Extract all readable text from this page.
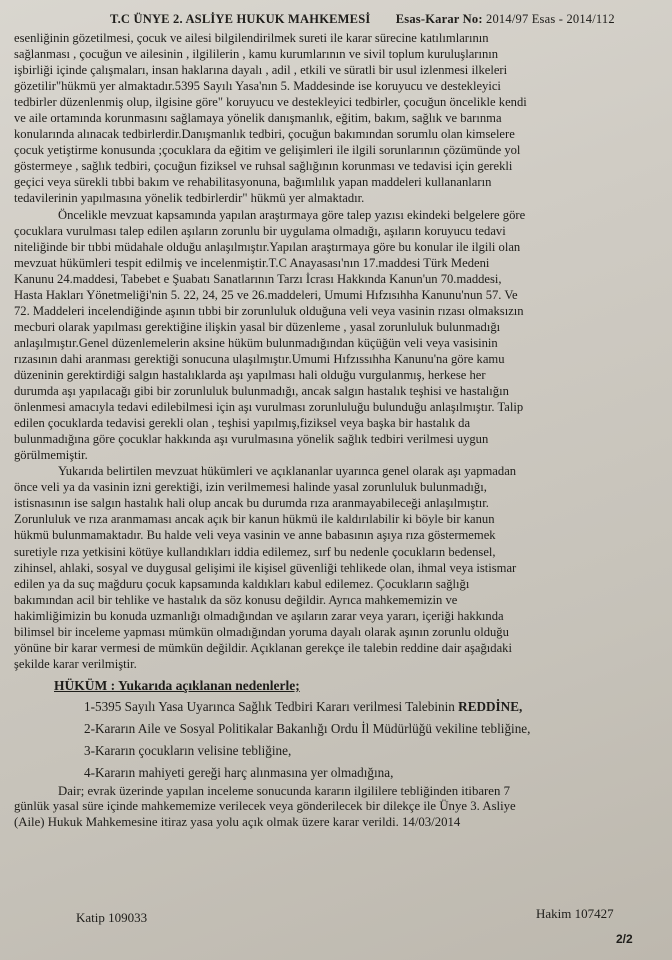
T.C ÜNYE 2. ASLİYE HUKUK MAHKEMESİ Esas-Karar No: 2014/97 Esas - 2014/112
esenliğinin gözetilmesi, çocuk ve ailesi bilgilendirilmek sureti ile karar sürecine katılımlarının
sağlanması , çocuğun ve ailesinin , ilgililerin , kamu kurumlarının ve sivil toplum kuruluşlarının
işbirliği içinde çalışmaları, insan haklarına dayalı , adil , etkili ve süratli bir usul izlenmesi ilkeleri
gözetilir"hükmü yer almaktadır.5395 Sayılı Yasa'nın 5. Maddesinde ise koruyucu ve destekleyici
tedbirler düzenlenmiş olup, ilgisine göre" koruyucu ve destekleyici tedbirler, çocuğun öncelikle kendi
ve aile ortamında korunmasını sağlamaya yönelik danışmanlık, eğitim, bakım, sağlık ve barınma
konularında alınacak tedbirlerdir.Danışmanlık tedbiri, çocuğun bakımından sorumlu olan kimselere
çocuk yetiştirme konusunda ;çocuklara da eğitim ve gelişimleri ile ilgili sorunlarının çözümünde yol
göstermeye , sağlık tedbiri, çocuğun fiziksel ve ruhsal sağlığının korunması ve tedavisi için gerekli
geçici veya sürekli tıbbi bakım ve rehabilitasyonuna, bağımlılık yapan maddeleri kullananların
tedavilerinin yapılmasına yönelik tedbirlerdir" hükmü yer almaktadır.
Öncelikle mevzuat kapsamında yapılan araştırmaya göre talep yazısı ekindeki belgelere göre
çocuklara vurulması talep edilen aşıların zorunlu bir uygulama olmadığı, aşıların koruyucu tedavi
niteliğinde bir tıbbi müdahale olduğu anlaşılmıştır.Yapılan araştırmaya göre bu konular ile ilgili olan
mevzuat hükümleri tespit edilmiş ve incelenmiştir.T.C Anayasası'nın 17.maddesi Türk Medeni
Kanunu 24.maddesi, Tabebet e Şuabatı Sanatlarının Tarzı İcrası Hakkında Kanun'un 70.maddesi,
Hasta Hakları Yönetmeliği'nin 5. 22, 24, 25 ve 26.maddeleri, Umumi Hıfzısıhha Kanunu'nun 57. Ve
72. Maddeleri incelendiğinde aşının tıbbi bir zorunluluk olduğuna veli veya vasinin rızası olmaksızın
mecburi olarak yapılması gerektiğine ilişkin yasal bir düzenleme , yasal zorunluluk bulunmadığı
anlaşılmıştır.Genel düzenlemelerin aksine hüküm bulunmadığından küçüğün veli veya vasisinin
rızasının dahi aranması gerektiği sonucuna ulaşılmıştır.Umumi Hıfzıssıhha Kanunu'na göre kamu
düzeninin gerektirdiği salgın hastalıklarda aşı yapılması hali olduğu vurgulanmış, herkese her
durumda aşı yapılacağı gibi bir zorunluluk bulunmadığı, ancak salgın hastalık teşhisi ve hastalığın
önlenmesi amacıyla tedavi edilebilmesi için aşı vurulması zorunluluğu bulunduğu anlaşılmıştır. Talip
edilen çocuklarda tedavisi gerekli olan , teşhisi yapılmış,fiziksel veya başka bir hastalık da
bulunmadığına göre çocuklar hakkında aşı vurulmasına yönelik sağlık tedbiri verilmesi uygun
görülmemiştir.
Yukarıda belirtilen mevzuat hükümleri ve açıklananlar uyarınca genel olarak aşı yapmadan
önce veli ya da vasinin izni gerektiği, izin verilmemesi halinde yasal zorunluluk bulunmadığı,
istisnasının ise salgın hastalık hali olup ancak bu durumda rıza aranmayabileceği anlaşılmıştır.
Zorunluluk ve rıza aranmaması ancak açık bir kanun hükmü ile kaldırılabilir ki böyle bir kanun
hükmü bulunmamaktadır. Bu halde veli veya vasinin ve anne babasının aşıya rıza göstermemek
suretiyle rıza yetkisini kötüye kullandıkları iddia edilemez, sırf bu nedenle çocukların bedensel,
zihinsel, ahlaki, sosyal ve duygusal gelişimi ile kişisel güvenliği tehlikede olan, ihmal veya istismar
edilen ya da suç mağduru çocuk kapsamında kaldıkları kabul edilemez. Çocukların sağlığı
bakımından acil bir tehlike ve hastalık da söz konusu değildir. Ayrıca mahkememizin ve
hakimliğimizin bu konuda uzmanlığı olmadığından ve aşıların zarar veya yararı, içeriği hakkında
bilimsel bir inceleme yapması mümkün olmadığından yoruma dayalı olarak aşının zorunlu olduğu
yönüne bir karar vermesi de mümkün değildir. Açıklanan gerekçe ile talebin reddine dair aşağıdaki
şekilde karar verilmiştir.
HÜKÜM : Yukarıda açıklanan nedenlerle;
1-5395 Sayılı Yasa Uyarınca Sağlık Tedbiri Kararı verilmesi Talebinin REDDİNE,
2-Kararın Aile ve Sosyal Politikalar Bakanlığı Ordu İl Müdürlüğü vekiline tebliğine,
3-Kararın çocukların velisine tebliğine,
4-Kararın mahiyeti gereği harç alınmasına yer olmadığına,
Dair; evrak üzerinde yapılan inceleme sonucunda kararın ilgililere tebliğinden itibaren 7
günlük yasal süre içinde mahkememize verilecek veya gönderilecek bir dilekçe ile Ünye 3. Asliye
(Aile) Hukuk Mahkemesine itiraz yasa yolu açık olmak üzere karar verildi. 14/03/2014
Katip 109033	Hakim 107427
2/2
